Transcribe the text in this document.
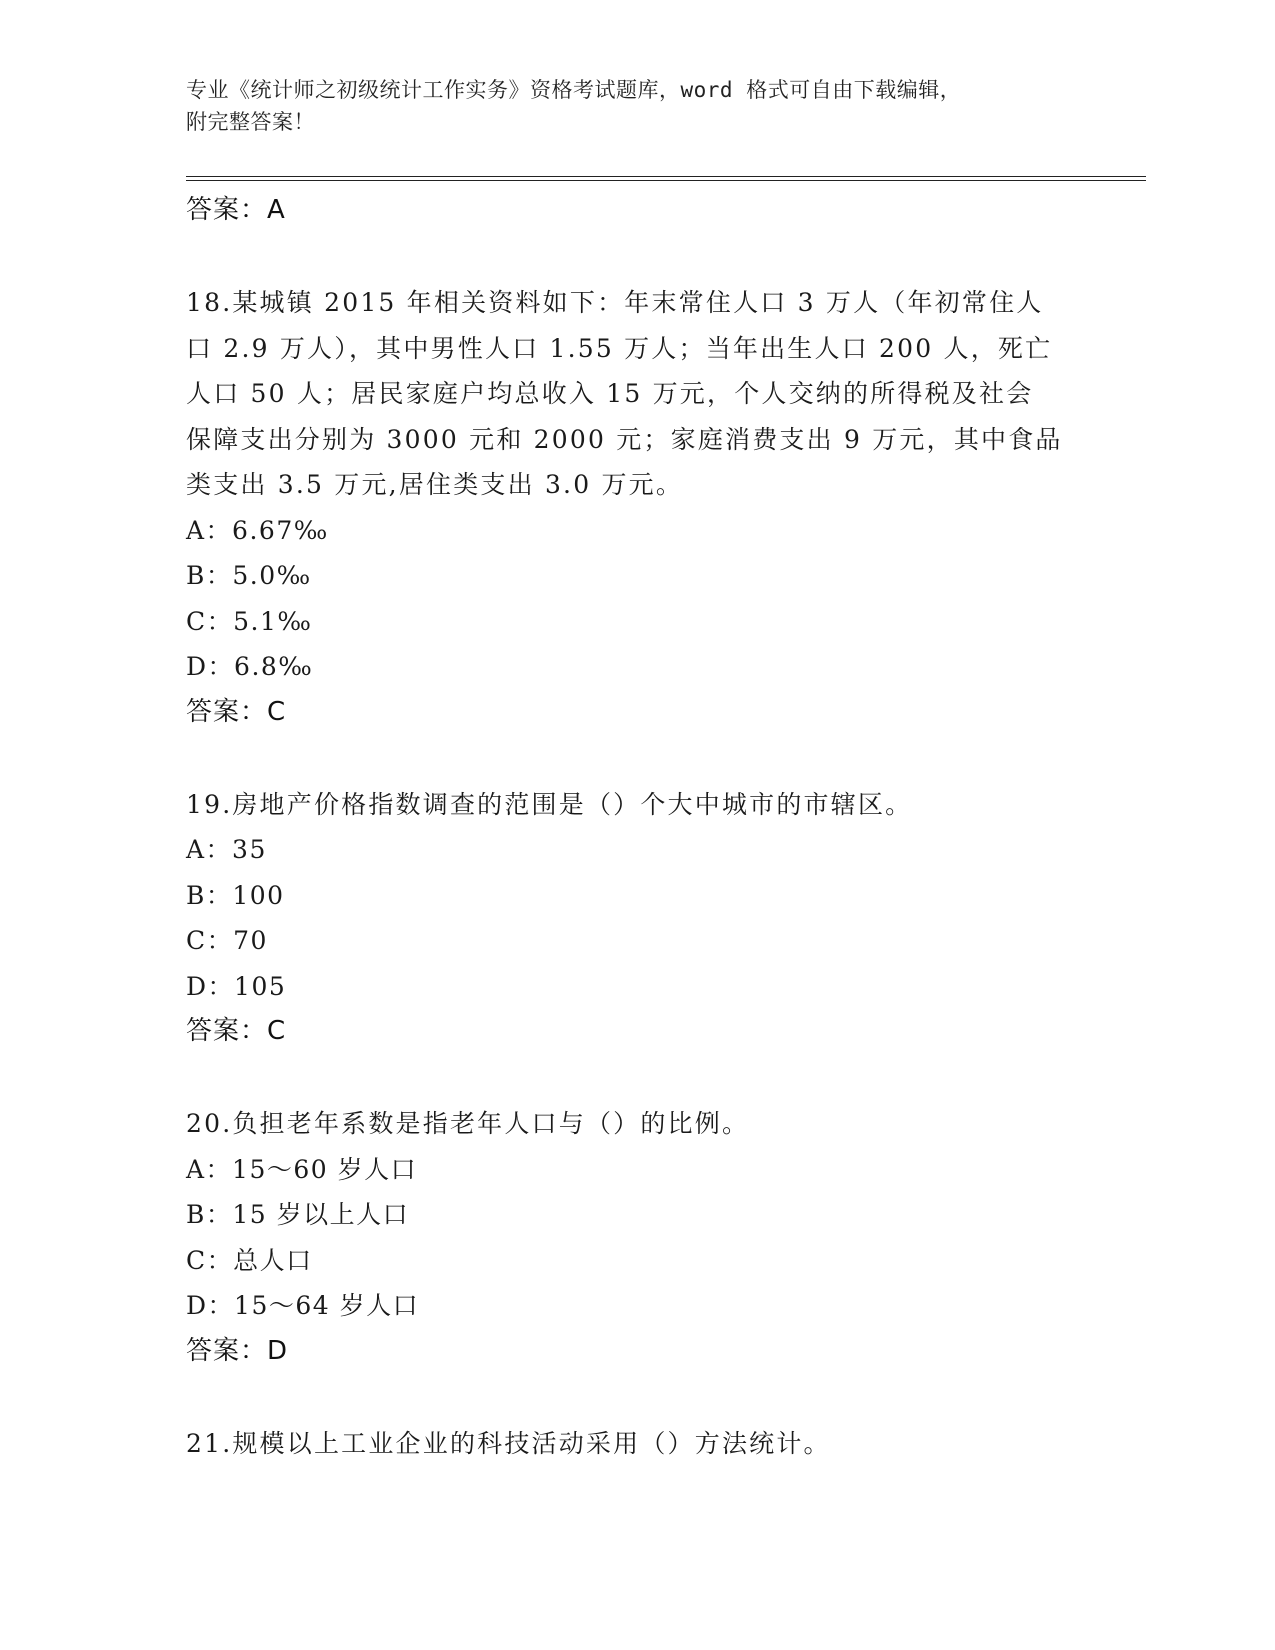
专业《统计师之初级统计工作实务》资格考试题库，word 格式可自由下载编辑，
附完整答案！
答案：A
18.某城镇 2015 年相关资料如下：年末常住人口 3 万人（年初常住人
口 2.9 万人），其中男性人口 1.55 万人；当年出生人口 200 人，死亡
人口 50 人；居民家庭户均总收入 15 万元，个人交纳的所得税及社会
保障支出分别为 3000 元和 2000 元；家庭消费支出 9 万元，其中食品
类支出 3.5 万元,居住类支出 3.0 万元。
A：6.67‰
B：5.0‰
C：5.1‰
D：6.8‰
答案：C
19.房地产价格指数调查的范围是（）个大中城市的市辖区。
A：35
B：100
C：70
D：105
答案：C
20.负担老年系数是指老年人口与（）的比例。
A：15～60 岁人口
B：15 岁以上人口
C：总人口
D：15～64 岁人口
答案：D
21.规模以上工业企业的科技活动采用（）方法统计。
